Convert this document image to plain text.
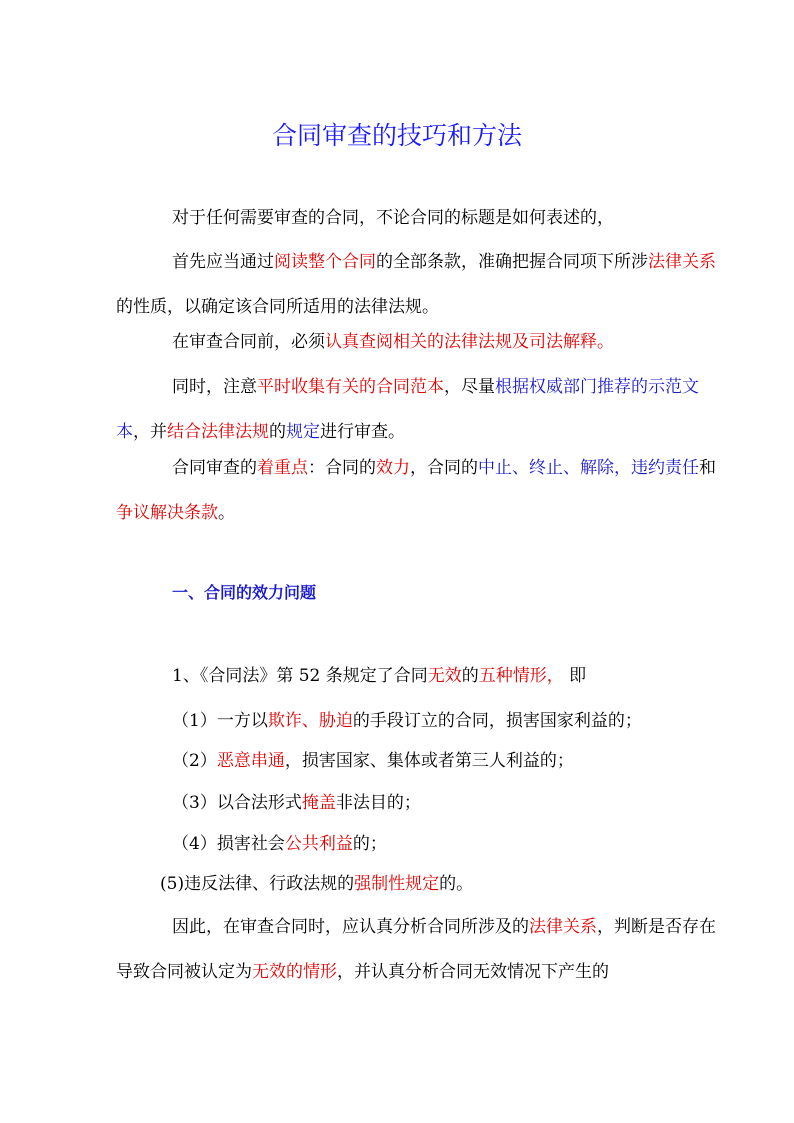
合同审查的技巧和方法
对于任何需要审查的合同，不论合同的标题是如何表述的，
首先应当通过阅读整个合同的全部条款，准确把握合同项下所涉法律关系的性质，以确定该合同所适用的法律法规。
在审查合同前，必须认真查阅相关的法律法规及司法解释。
同时，注意平时收集有关的合同范本，尽量根据权威部门推荐的示范文本，并结合法律法规的规定进行审查。
合同审查的着重点：合同的效力，合同的中止、终止、解除，违约责任和争议解决条款。
一、合同的效力问题
1、《合同法》第 52 条规定了合同无效的五种情形， 即
（1）一方以欺诈、胁迫的手段订立的合同，损害国家利益的；
（2）恶意串通，损害国家、集体或者第三人利益的；
（3）以合法形式掩盖非法目的；
（4）损害社会公共利益的；
(5)违反法律、行政法规的强制性规定的。
因此，在审查合同时，应认真分析合同所涉及的法律关系，判断是否存在导致合同被认定为无效的情形，并认真分析合同无效情况下产生的
